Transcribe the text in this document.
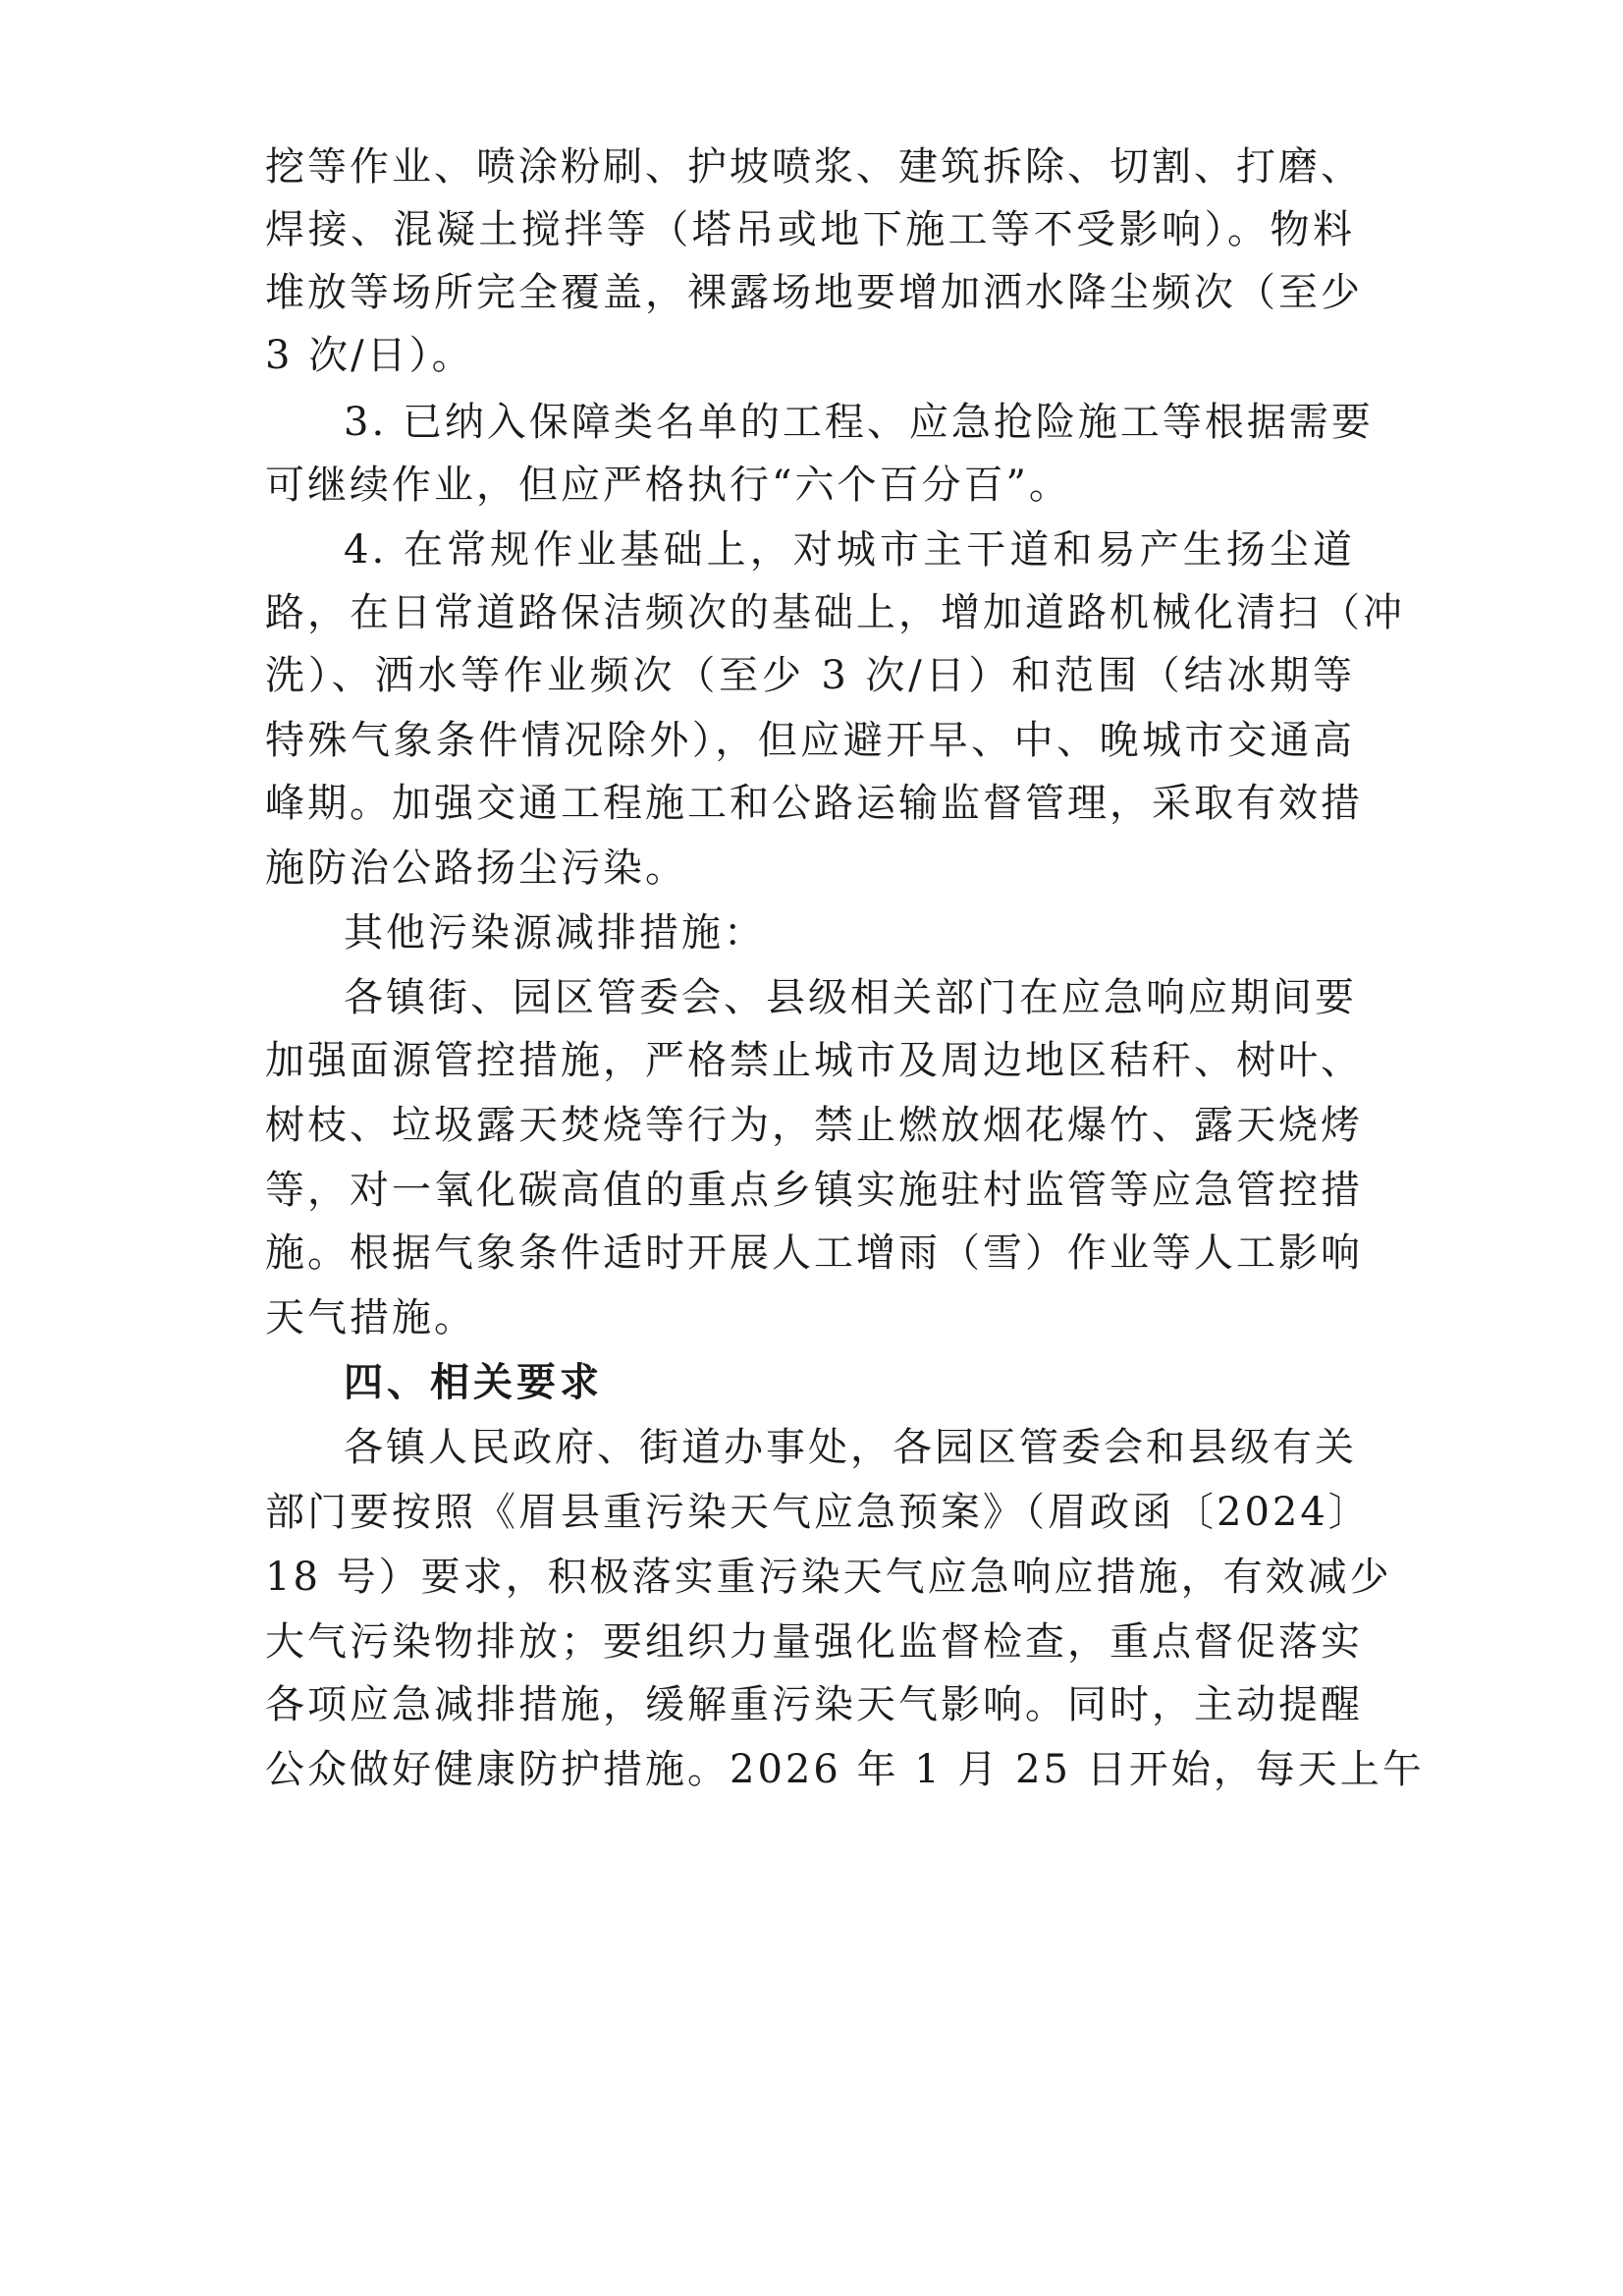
挖等作业、喷涂粉刷、护坡喷浆、建筑拆除、切割、打磨、
焊接、混凝土搅拌等（塔吊或地下施工等不受影响）。物料
堆放等场所完全覆盖，裸露场地要增加洒水降尘频次（至少
3 次/日）。
3. 已纳入保障类名单的工程、应急抢险施工等根据需要
可继续作业，但应严格执行“六个百分百”。
4. 在常规作业基础上，对城市主干道和易产生扬尘道
路，在日常道路保洁频次的基础上，增加道路机械化清扫（冲
洗）、洒水等作业频次（至少 3 次/日）和范围（结冰期等
特殊气象条件情况除外），但应避开早、中、晚城市交通高
峰期。加强交通工程施工和公路运输监督管理，采取有效措
施防治公路扬尘污染。
其他污染源减排措施：
各镇街、园区管委会、县级相关部门在应急响应期间要
加强面源管控措施，严格禁止城市及周边地区秸秆、树叶、
树枝、垃圾露天焚烧等行为，禁止燃放烟花爆竹、露天烧烤
等，对一氧化碳高值的重点乡镇实施驻村监管等应急管控措
施。根据气象条件适时开展人工增雨（雪）作业等人工影响
天气措施。
四、相关要求
各镇人民政府、街道办事处，各园区管委会和县级有关
部门要按照《眉县重污染天气应急预案》（眉政函〔2024〕
18 号）要求，积极落实重污染天气应急响应措施，有效减少
大气污染物排放；要组织力量强化监督检查，重点督促落实
各项应急减排措施，缓解重污染天气影响。同时，主动提醒
公众做好健康防护措施。2026 年 1 月 25 日开始，每天上午
